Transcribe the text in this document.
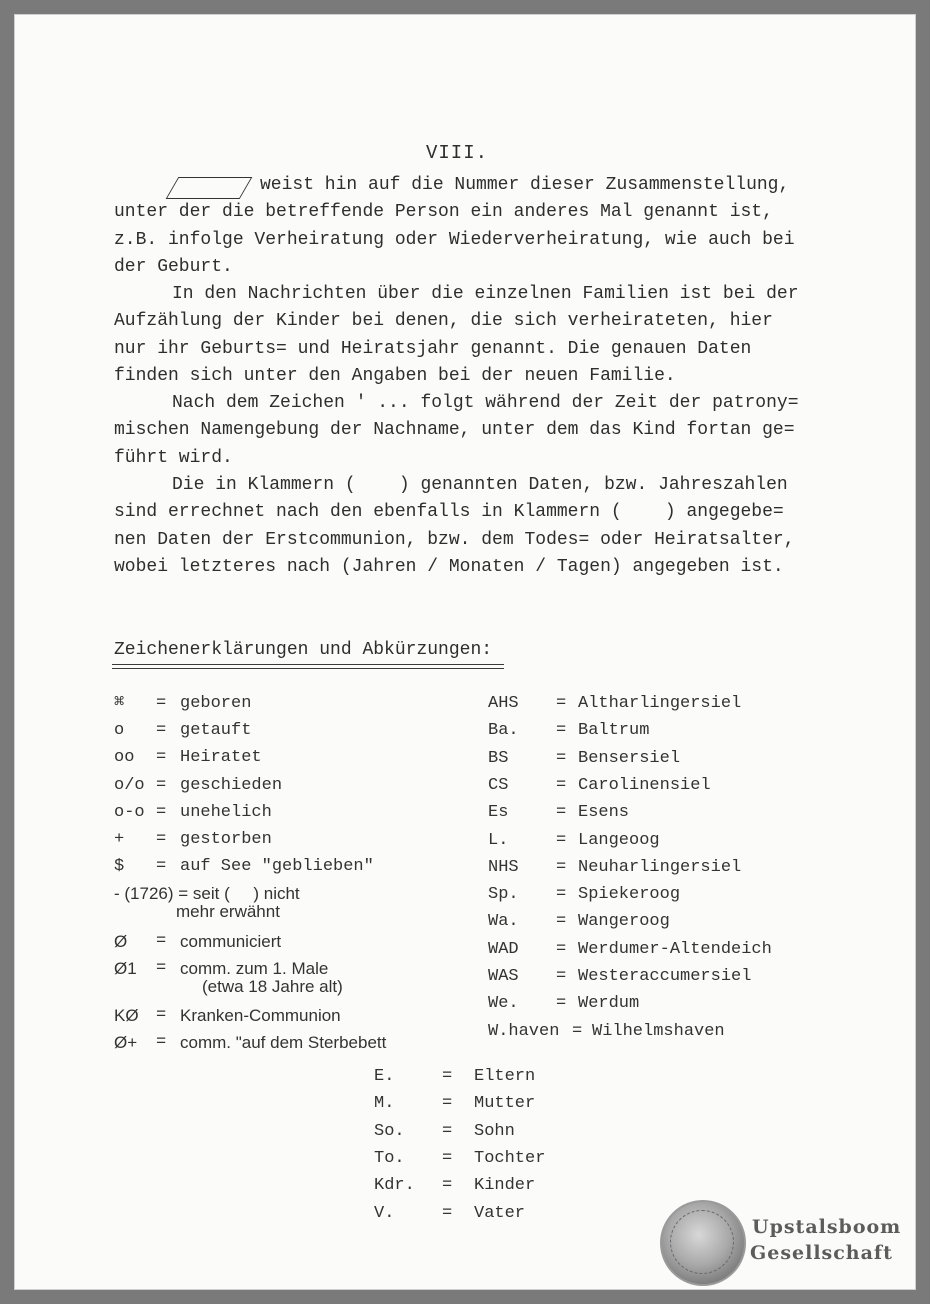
VIII.
weist hin auf die Nummer dieser Zusammenstellung,
unter der die betreffende Person ein anderes Mal genannt ist,
z.B. infolge Verheiratung oder Wiederverheiratung, wie auch bei
der Geburt.
In den Nachrichten über die einzelnen Familien ist bei der
Aufzählung der Kinder bei denen, die sich verheirateten, hier
nur ihr Geburts= und Heiratsjahr genannt. Die genauen Daten
finden sich unter den Angaben bei der neuen Familie.
Nach dem Zeichen ' ... folgt während der Zeit der patrony=
mischen Namengebung der Nachname, unter dem das Kind fortan ge=
führt wird.
Die in Klammern (    ) genannten Daten, bzw. Jahreszahlen
sind errechnet nach den ebenfalls in Klammern (    ) angegebe=
nen Daten der Erstcommunion, bzw. dem Todes= oder Heiratsalter,
wobei letzteres nach (Jahren / Monaten / Tagen) angegeben ist.
Zeichenerklärungen und Abkürzungen:
⌘ = geboren
o = getauft
oo = Heiratet
o/o = geschieden
o-o = unehelich
+ = gestorben
$ = auf See "geblieben"
- (1726) = seit (     ) nicht
mehr erwähnt
Ø = communiciert
Ø1 = comm. zum 1. Male
(etwa 18 Jahre alt)
KØ = Kranken-Communion
Ø+ = comm. "auf dem Sterbebett
AHS = Altharlingersiel
Ba. = Baltrum
BS	= Bensersiel
CS	= Carolinensiel
Es	= Esens
L.	= Langeoog
NHS = Neuharlingersiel
Sp. = Spiekeroog
Wa. = Wangeroog
WAD = Werdumer-Altendeich
WAS = Westeraccumersiel
We. = Werdum
W.haven = Wilhelmshaven
E.	= Eltern
M.	= Mutter
So. = Sohn
To. = Tochter
Kdr. = Kinder
V.	= Vater
Upstalsboom
Gesellschaft
